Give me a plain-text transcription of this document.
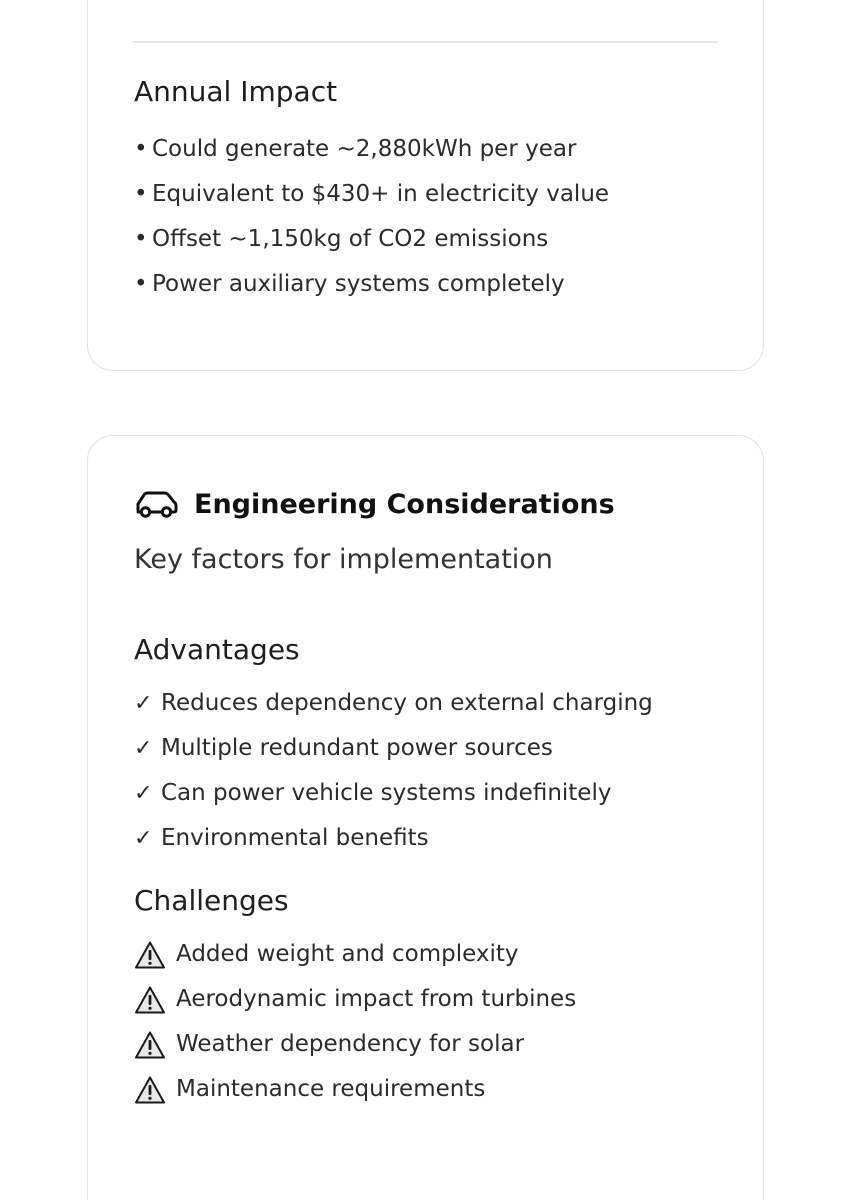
Annual Impact
• Could generate ~2,880kWh per year
• Equivalent to $430+ in electricity value
• Offset ~1,150kg of CO2 emissions
• Power auxiliary systems completely
Engineering Considerations

Key factors for implementation

Advantages
✓ Reduces dependency on external charging
✓ Multiple redundant power sources
✓ Can power vehicle systems indefinitely
✓ Environmental benefits
Challenges
Added weight and complexity
Aerodynamic impact from turbines
Weather dependency for solar
Maintenance requirements
